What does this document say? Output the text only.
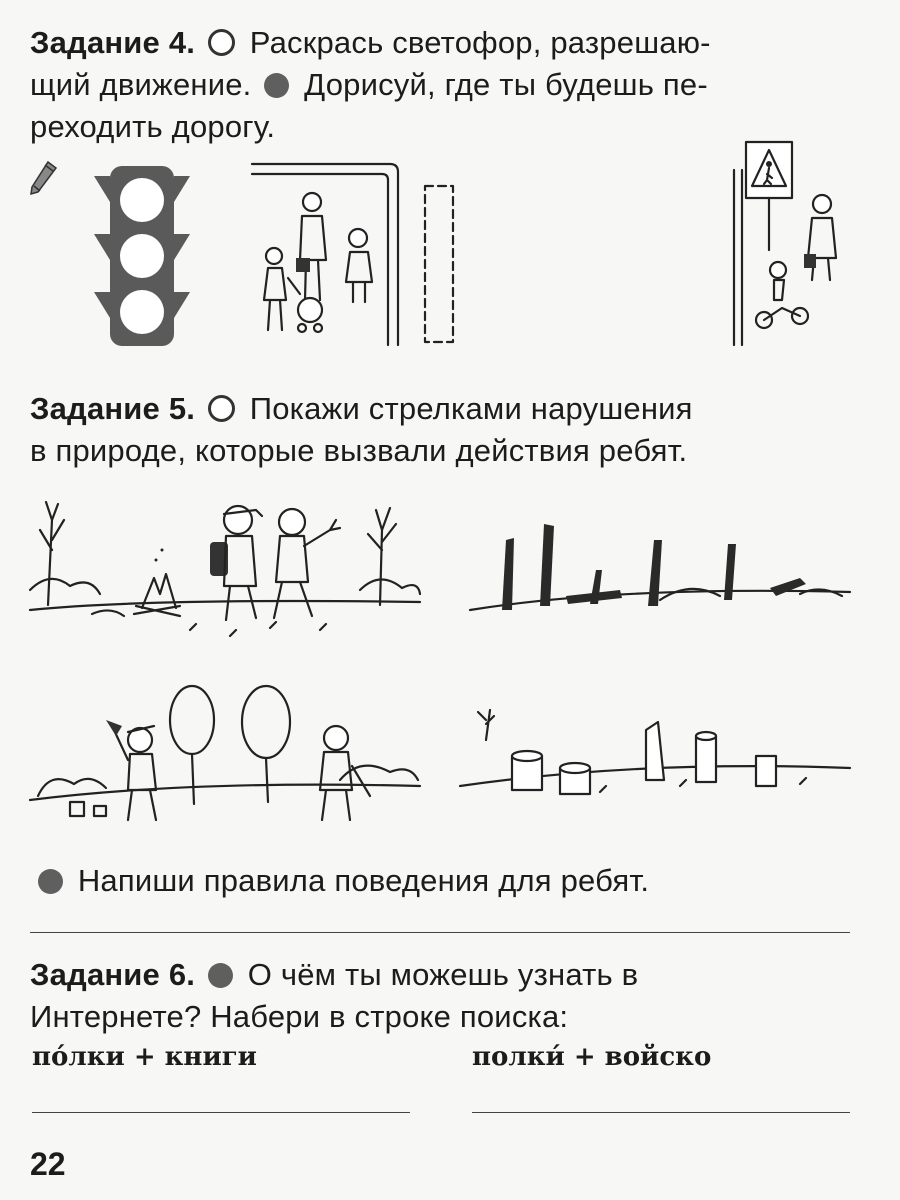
Задание 4. Раскрась светофор, разрешаю-
щий движение. Дорисуй, где ты будешь пе-
реходить дорогу.
Задание 5. Покажи стрелками нарушения
в природе, которые вызвали действия ребят.
Напиши правила поведения для ребят.
Задание 6. О чём ты можешь узнать в
Интернете? Набери в строке поиска:
по́лки + книги	полки́ + войско
22
